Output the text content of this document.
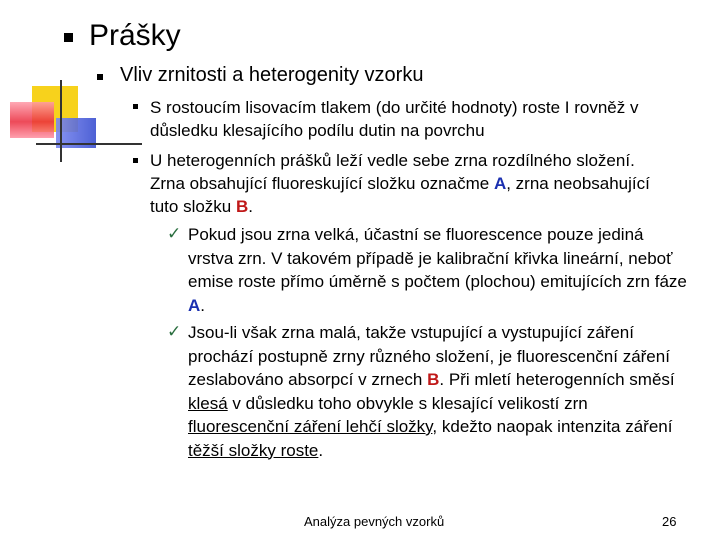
Prášky
Vliv zrnitosti a heterogenity vzorku
S rostoucím lisovacím tlakem (do určité hodnoty) roste I rovněž v důsledku klesajícího podílu dutin na povrchu
U heterogenních prášků leží vedle sebe zrna rozdílného složení. Zrna obsahující fluoreskující složku označme A, zrna neobsahující tuto složku B.
✓ Pokud jsou zrna velká, účastní se fluorescence pouze jediná vrstva zrn. V takovém případě je kalibrační křivka lineární, neboť emise roste přímo úměrně s počtem (plochou) emitujících zrn fáze A.
✓ Jsou-li však zrna malá, takže vstupující a vystupující záření prochází postupně zrny různého složení, je fluorescenční záření zeslabováno absorpcí v zrnech B. Při mletí heterogenních směsí klesá v důsledku toho obvykle s klesající velikostí zrn fluorescenční záření lehčí složky, kdežto naopak intenzita záření těžší složky roste.
Analýza pevných vzorků	26
